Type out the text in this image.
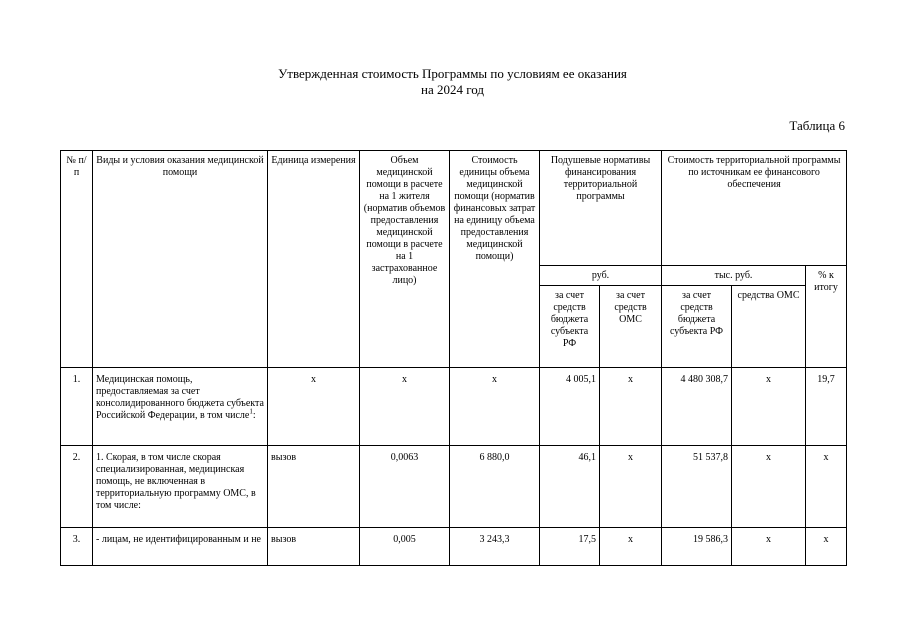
Утвержденная стоимость Программы по условиям ее оказания
на 2024 год
Таблица 6
№ п/п	Виды и условия оказания медицинской помощи	Единица измерения	Объем медицинской помощи в расчете на 1 жителя (норматив объемов предоставления медицинской помощи в расчете на 1 застрахованное лицо)	Стоимость единицы объема медицинской помощи (норматив финансовых затрат на единицу объема предоставления медицинской помощи)	Подушевые нормативы финансирования территориальной программы		Стоимость территориальной программы по источникам ее финансового обеспечения		
					руб.		тыс. руб.		% к итогу
					за счет средств бюджета субъекта РФ	за счет средств ОМС	за счет средств бюджета субъекта РФ	средства ОМС	
1.	Медицинская помощь, предоставляемая за счет консолидированного бюджета субъекта Российской Федерации, в том числе$^1$:	х	х	х	4 005,1	х	4 480 308,7	х	19,7
2.	1. Скорая, в том числе скорая специализированная, медицинская помощь, не включенная в территориальную программу ОМС, в том числе:	вызов	0,0063	6 880,0	46,1	х	51 537,8	х	х
3.	- лицам, не идентифицированным и не	вызов	0,005	3 243,3	17,5	х	19 586,3	х	х
